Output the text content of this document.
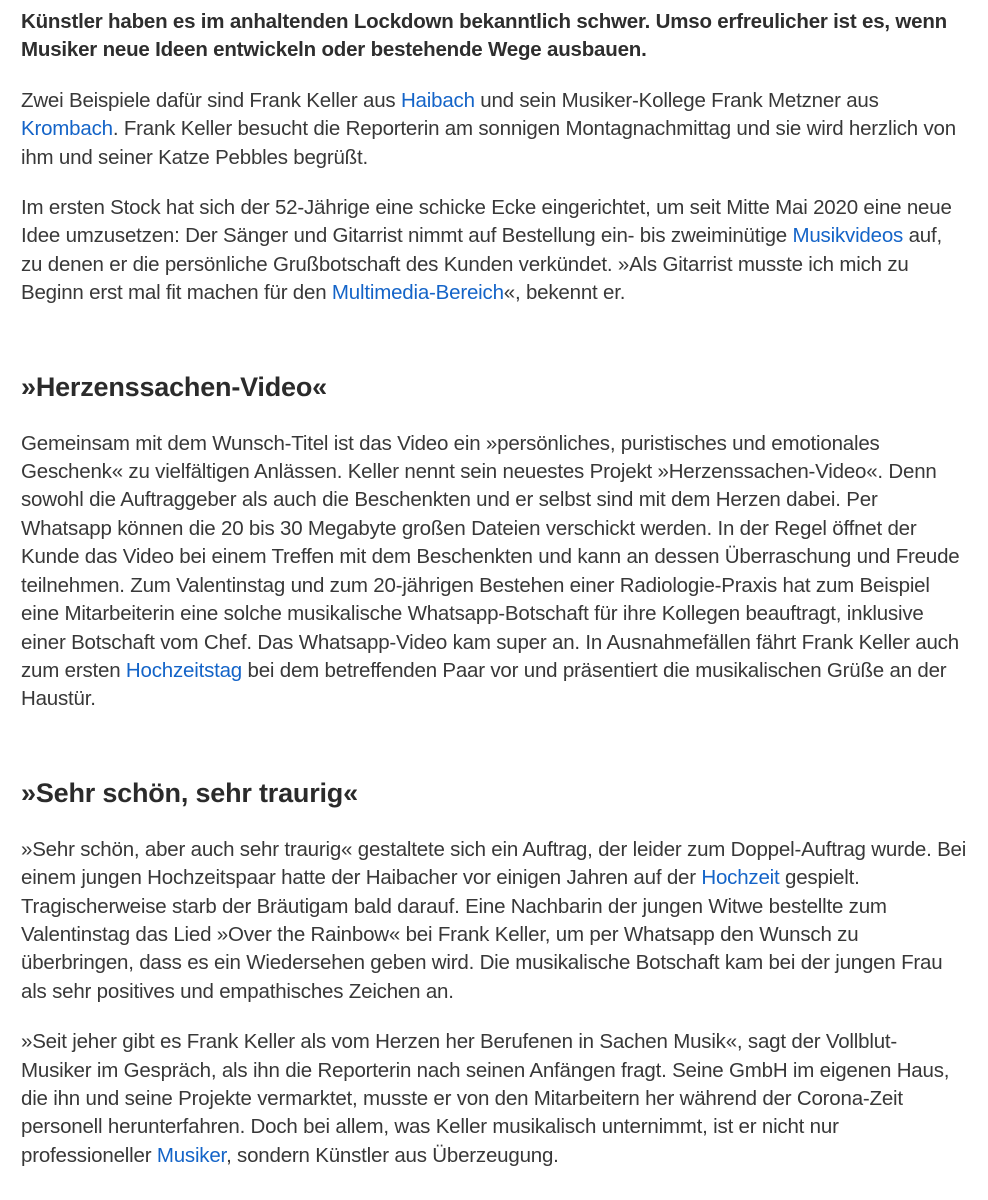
Künstler haben es im anhaltenden Lockdown bekanntlich schwer. Umso erfreulicher ist es, wenn Musiker neue Ideen entwickeln oder bestehende Wege ausbauen.

Zwei Beispiele dafür sind Frank Keller aus Haibach und sein Musiker-Kollege Frank Metzner aus Krombach. Frank Keller besucht die Reporterin am sonnigen Montagnachmittag und sie wird herzlich von ihm und seiner Katze Pebbles begrüßt.

Im ersten Stock hat sich der 52-Jährige eine schicke Ecke eingerichtet, um seit Mitte Mai 2020 eine neue Idee umzusetzen: Der Sänger und Gitarrist nimmt auf Bestellung ein- bis zweiminütige Musikvideos auf, zu denen er die persönliche Grußbotschaft des Kunden verkündet. »Als Gitarrist musste ich mich zu Beginn erst mal fit machen für den Multimedia-Bereich«, bekennt er.

»Herzenssachen-Video«

Gemeinsam mit dem Wunsch-Titel ist das Video ein »persönliches, puristisches und emotionales Geschenk« zu vielfältigen Anlässen. Keller nennt sein neuestes Projekt »Herzenssachen-Video«. Denn sowohl die Auftraggeber als auch die Beschenkten und er selbst sind mit dem Herzen dabei. Per Whatsapp können die 20 bis 30 Megabyte großen Dateien verschickt werden. In der Regel öffnet der Kunde das Video bei einem Treffen mit dem Beschenkten und kann an dessen Überraschung und Freude teilnehmen. Zum Valentinstag und zum 20-jährigen Bestehen einer Radiologie-Praxis hat zum Beispiel eine Mitarbeiterin eine solche musikalische Whatsapp-Botschaft für ihre Kollegen beauftragt, inklusive einer Botschaft vom Chef. Das Whatsapp-Video kam super an. In Ausnahmefällen fährt Frank Keller auch zum ersten Hochzeitstag bei dem betreffenden Paar vor und präsentiert die musikalischen Grüße an der Haustür.

»Sehr schön, sehr traurig«

»Sehr schön, aber auch sehr traurig« gestaltete sich ein Auftrag, der leider zum Doppel-Auftrag wurde. Bei einem jungen Hochzeitspaar hatte der Haibacher vor einigen Jahren auf der Hochzeit gespielt. Tragischerweise starb der Bräutigam bald darauf. Eine Nachbarin der jungen Witwe bestellte zum Valentinstag das Lied »Over the Rainbow« bei Frank Keller, um per Whatsapp den Wunsch zu überbringen, dass es ein Wiedersehen geben wird. Die musikalische Botschaft kam bei der jungen Frau als sehr positives und empathisches Zeichen an.

»Seit jeher gibt es Frank Keller als vom Herzen her Berufenen in Sachen Musik«, sagt der Vollblut-Musiker im Gespräch, als ihn die Reporterin nach seinen Anfängen fragt. Seine GmbH im eigenen Haus, die ihn und seine Projekte vermarktet, musste er von den Mitarbeitern her während der Corona-Zeit personell herunterfahren. Doch bei allem, was Keller musikalisch unternimmt, ist er nicht nur professioneller Musiker, sondern Künstler aus Überzeugung.
